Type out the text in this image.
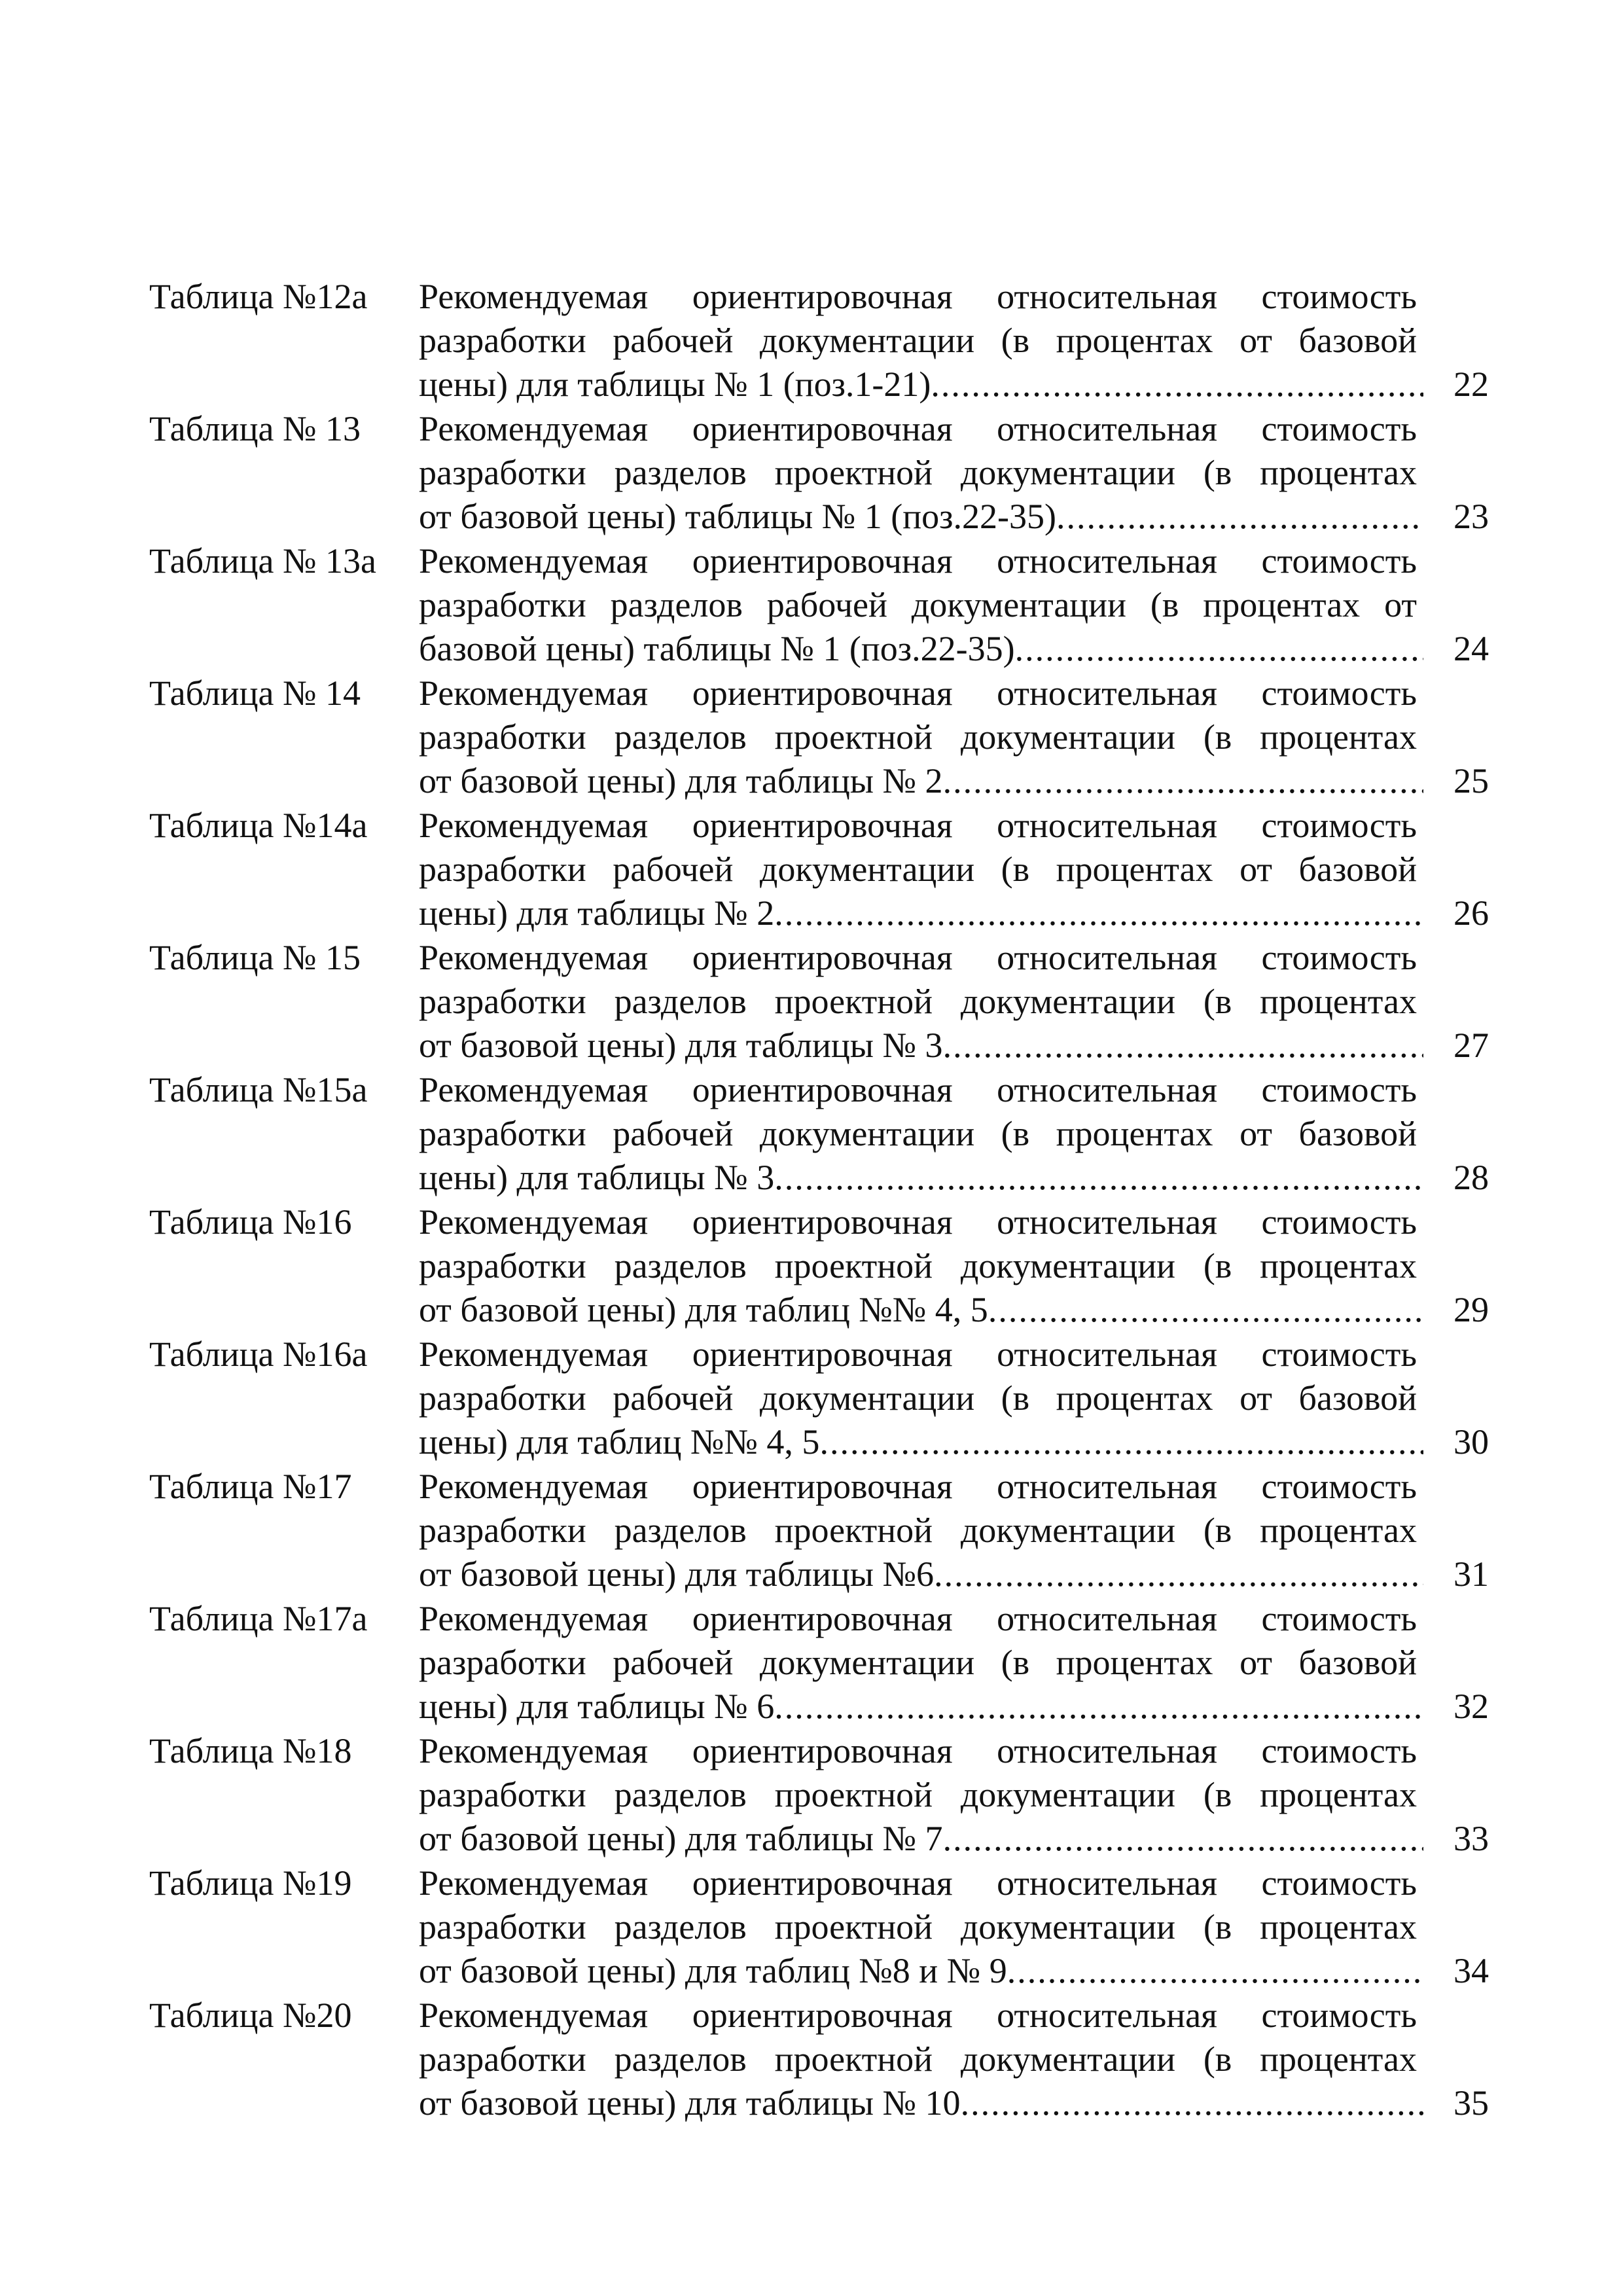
Таблица №12а	Рекомендуемая ориентировочная относительная стоимость
разработки рабочей документации (в процентах от базовой
цены) для таблицы № 1 (поз.1-21) .....	22
Таблица № 13	Рекомендуемая ориентировочная относительная стоимость
разработки разделов проектной документации (в процентах
от базовой цены) таблицы № 1 (поз.22-35) .....	23
Таблица № 13а	Рекомендуемая ориентировочная относительная стоимость
разработки разделов рабочей документации (в процентах от
базовой цены) таблицы № 1 (поз.22-35) .....	24
Таблица № 14	Рекомендуемая ориентировочная относительная стоимость
разработки разделов проектной документации (в процентах
от базовой цены) для таблицы № 2 .....	25
Таблица №14а	Рекомендуемая ориентировочная относительная стоимость
разработки рабочей документации (в процентах от базовой
цены) для таблицы № 2 .....	26
Таблица № 15	Рекомендуемая ориентировочная относительная стоимость
разработки разделов проектной документации (в процентах
от базовой цены) для таблицы № 3 .....	27
Таблица №15а	Рекомендуемая ориентировочная относительная стоимость
разработки рабочей документации (в процентах от базовой
цены) для таблицы № 3 .....	28
Таблица №16	Рекомендуемая ориентировочная относительная стоимость
разработки разделов проектной документации (в процентах
от базовой цены) для таблиц №№ 4, 5 .....	29
Таблица №16а	Рекомендуемая ориентировочная относительная стоимость
разработки рабочей документации (в процентах от базовой
цены) для таблиц №№ 4, 5 .....	30
Таблица №17	Рекомендуемая ориентировочная относительная стоимость
разработки разделов проектной документации (в процентах
от базовой цены) для таблицы №6 .....	31
Таблица №17а	Рекомендуемая ориентировочная относительная стоимость
разработки рабочей документации (в процентах от базовой
цены) для таблицы № 6 .....	32
Таблица №18	Рекомендуемая ориентировочная относительная стоимость
разработки разделов проектной документации (в процентах
от базовой цены) для таблицы № 7 .....	33
Таблица №19	Рекомендуемая ориентировочная относительная стоимость
разработки разделов проектной документации (в процентах
от базовой цены) для таблиц №8 и № 9 .....	34
Таблица №20	Рекомендуемая ориентировочная относительная стоимость
разработки разделов проектной документации (в процентах
от базовой цены) для таблицы № 10 .....	35
